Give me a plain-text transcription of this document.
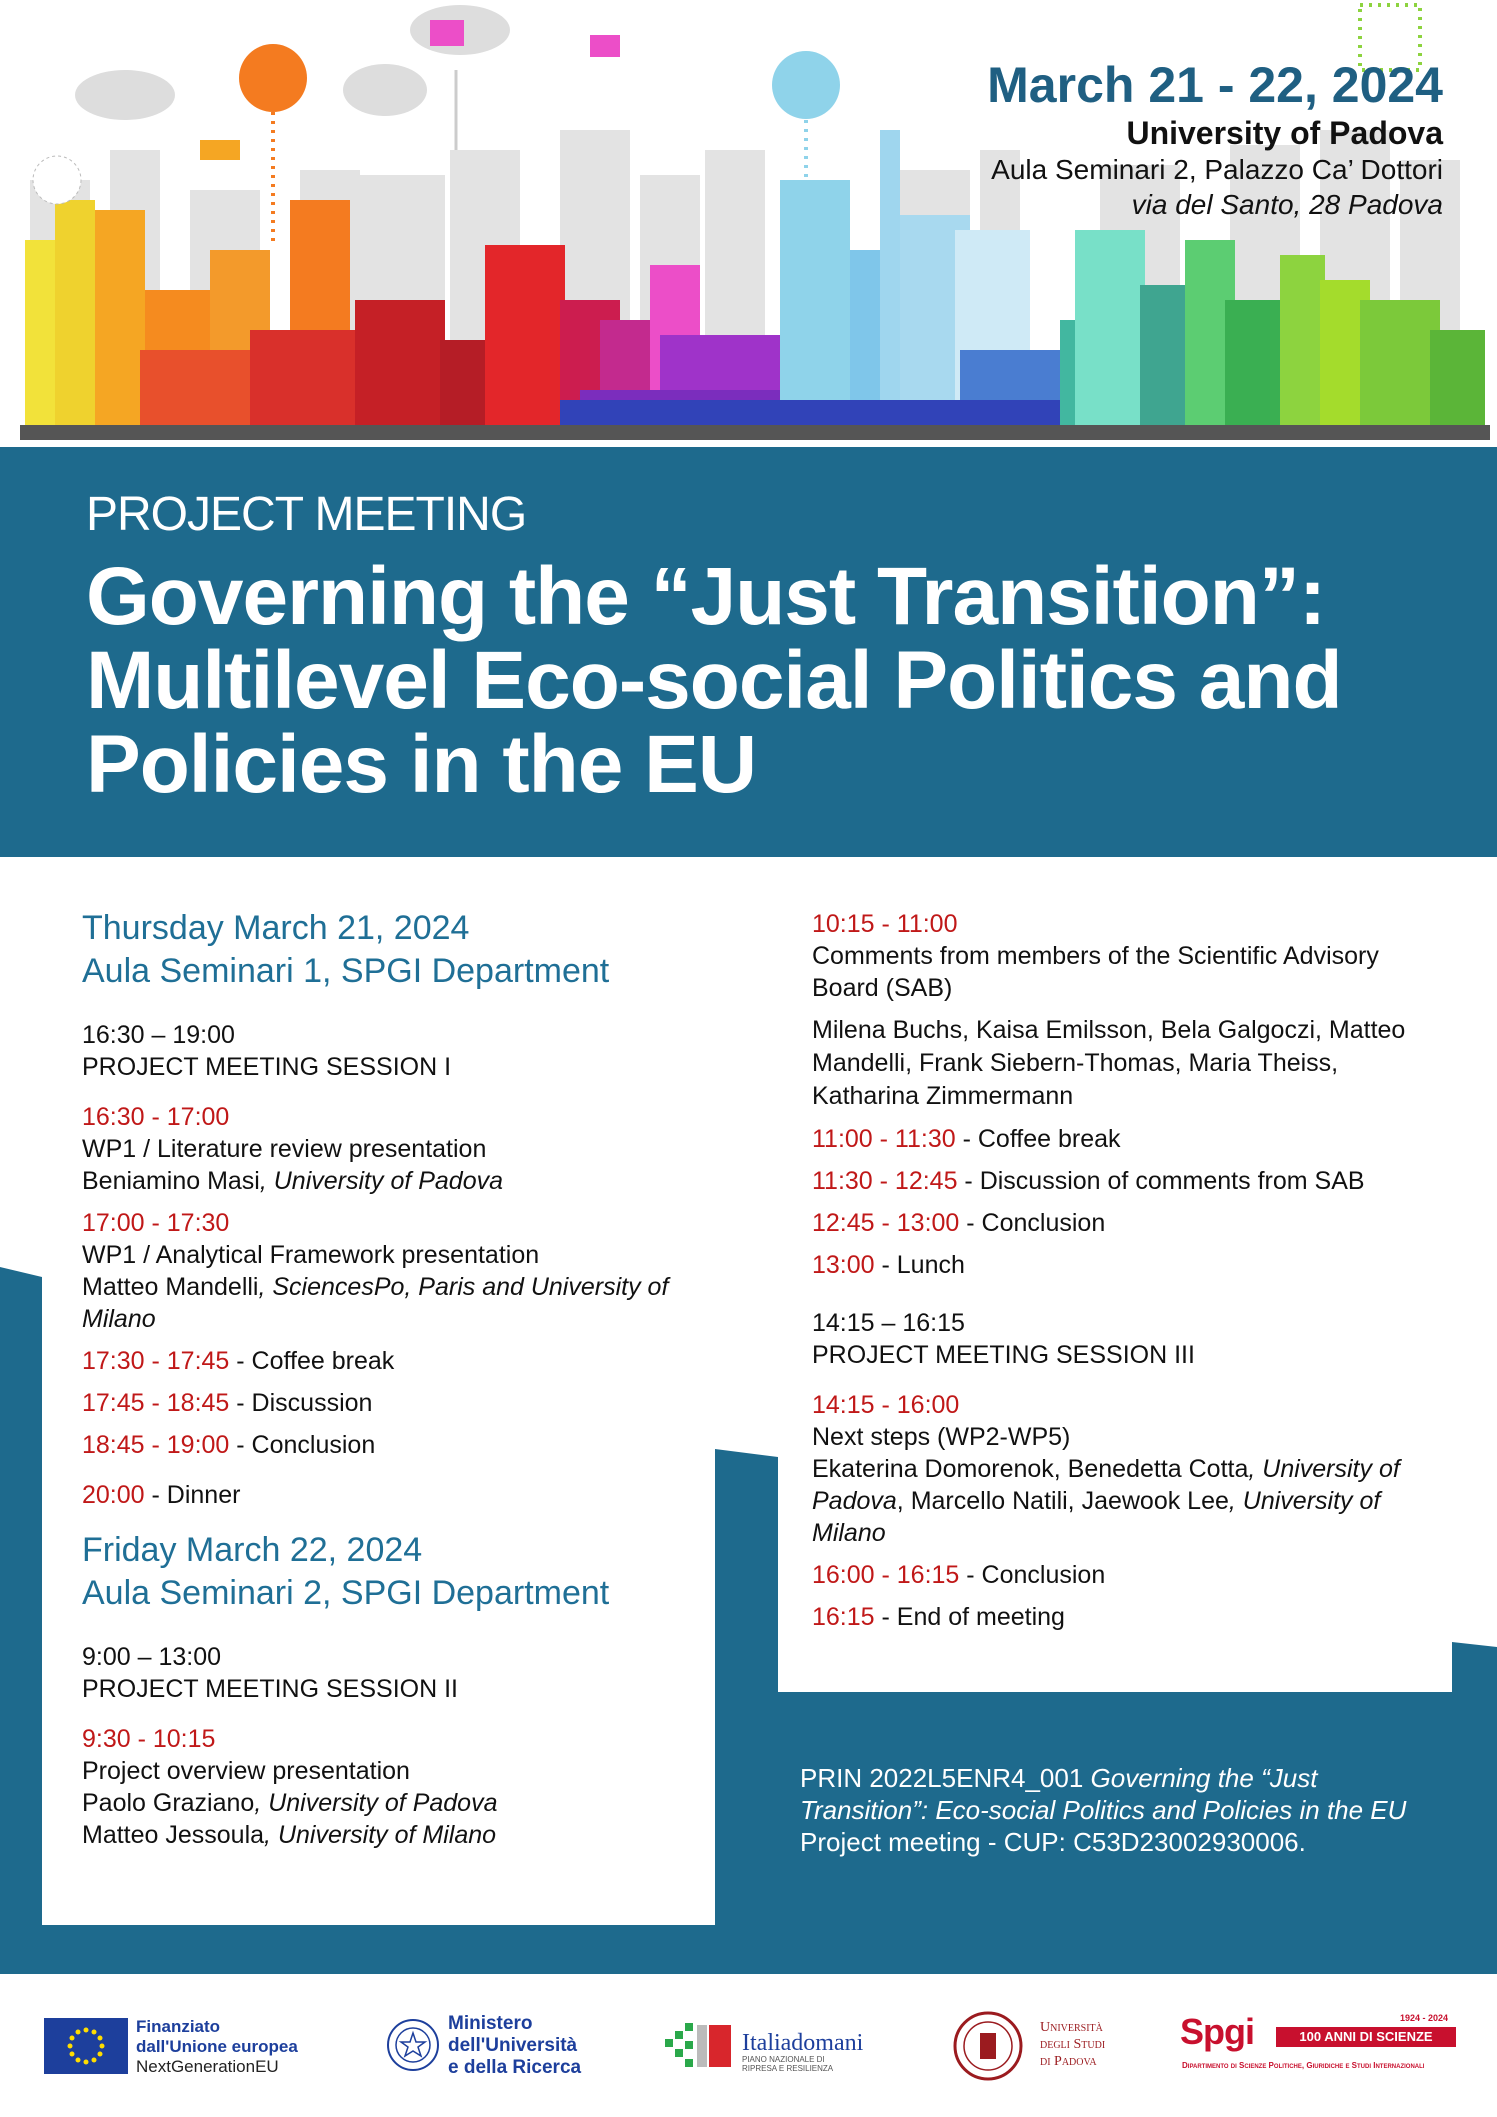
March 21 - 22, 2024
University of Padova
Aula Seminari 2, Palazzo Ca’ Dottori
via del Santo, 28 Padova
PROJECT MEETING
Governing the “Just Transition”: Multilevel Eco-social Politics and Policies in the EU
Thursday March 21, 2024
Aula Seminari 1, SPGI Department

16:30 – 19:00

PROJECT MEETING SESSION I

16:30 - 17:00

WP1 / Literature review presentation

Beniamino Masi, University of Padova

17:00 - 17:30

WP1 / Analytical Framework presentation

Matteo Mandelli, SciencesPo, Paris and University of Milano

17:30 - 17:45 - Coffee break

17:45 - 18:45 - Discussion

18:45 - 19:00 - Conclusion

20:00 - Dinner

Friday March 22, 2024
Aula Seminari 2, SPGI Department

9:00 – 13:00

PROJECT MEETING SESSION II

9:30 - 10:15

Project overview presentation

Paolo Graziano, University of Padova

Matteo Jessoula, University of Milano

10:15 - 11:00

Comments from members of the Scientific Advisory Board (SAB)

Milena Buchs, Kaisa Emilsson, Bela Galgoczi, Matteo Mandelli, Frank Siebern-Thomas, Maria Theiss, Katharina Zimmermann

11:00 - 11:30 - Coffee break

11:30 - 12:45 - Discussion of comments from SAB

12:45 - 13:00 - Conclusion

13:00 - Lunch

14:15 – 16:15

PROJECT MEETING SESSION III

14:15 - 16:00

Next steps (WP2-WP5)

Ekaterina Domorenok, Benedetta Cotta, University of Padova, Marcello Natili, Jaewook Lee, University of Milano

16:00 - 16:15 - Conclusion

16:15 - End of meeting

PRIN 2022L5ENR4_001 Governing the “Just Transition”: Eco-social Politics and Policies in the EU Project meeting - CUP: C53D23002930006.
Finanziato
dall'Unione europea
NextGenerationEU
Ministero
dell'Università
e della Ricerca
Italiadomani
PIANO NAZIONALE DI RIPRESA E RESILIENZA
Università
degli Studi
di Padova
Spgi	1924 - 2024
100 ANNI DI SCIENZE POLITICHE
Dipartimento di Scienze Politiche, Giuridiche e Studi Internazionali
